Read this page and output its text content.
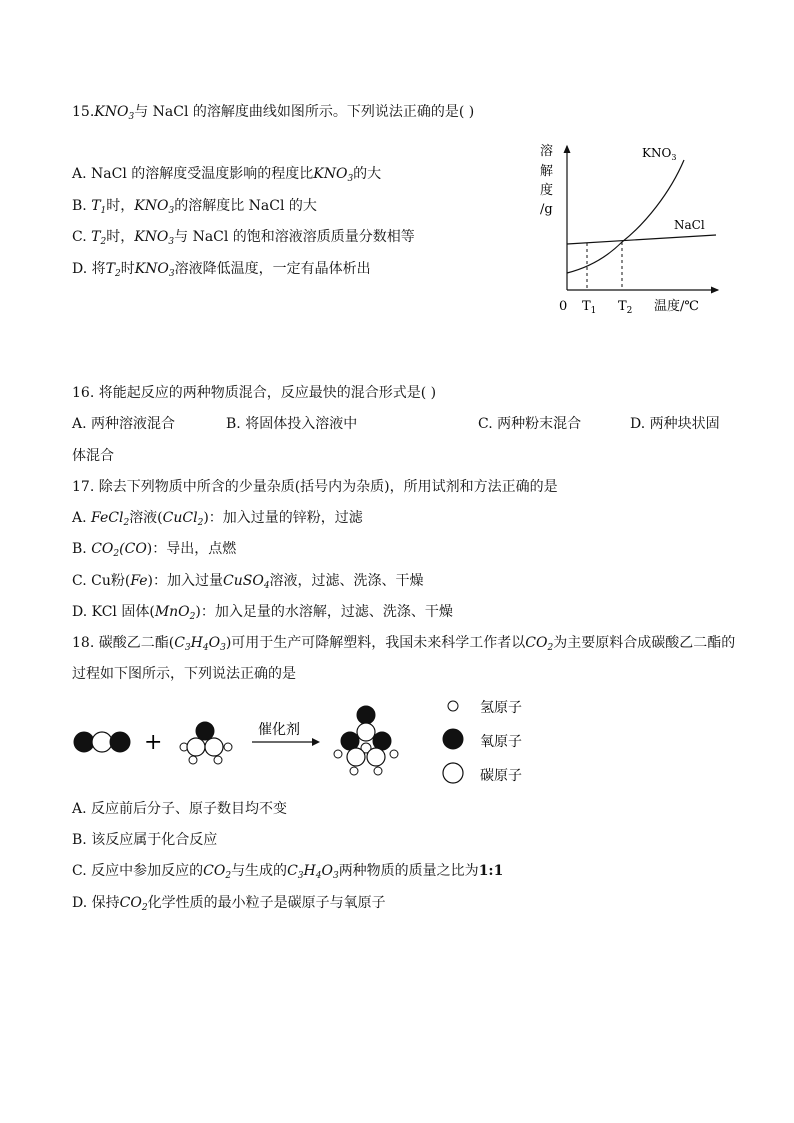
$15.KNO_3$与 NaCl 的溶解度曲线如图所示。下列说法正确的是( )
A. NaCl 的溶解度受温度影响的程度比$KNO_3$的大
B. $T_1$时，$KNO_3$的溶解度比 NaCl 的大
C. $T_2$时，$KNO_3$与 NaCl 的饱和溶液溶质质量分数相等
D. 将$T_2$时$KNO_3$溶液降低温度，一定有晶体析出
溶
解
度
/g
0 $T_1$ $T_2$ 温度/℃
$KNO_3$
NaCl
16. 将能起反应的两种物质混合，反应最快的混合形式是( )
A. 两种溶液混合	B. 将固体投入溶液中	C. 两种粉末混合	D. 两种块状固
体混合
17. 除去下列物质中所含的少量杂质(括号内为杂质)，所用试剂和方法正确的是
A. FeCl$_2$溶液(CuCl$_2$)：加入过量的锌粉，过滤
B. $CO_2(CO)$：导出，点燃
C. Cu粉(Fe)：加入过量CuSO$_4$溶液，过滤、洗涤、干燥
D. KCl 固体(MnO$_2$)：加入足量的水溶解，过滤、洗涤、干燥
18. 碳酸乙二酯$(C_3H_4O_3)$可用于生产可降解塑料，我国未来科学工作者以$CO_2$为主要原料合成碳酸乙二酯的
过程如下图所示，下列说法正确的是
+	催化剂
氢原子
氧原子
碳原子
A. 反应前后分子、原子数目均不变
B. 该反应属于化合反应
C. 反应中参加反应的$CO_2$与生成的$C_3H_4O_3$两种物质的质量之比为1:1
D. 保持$CO_2$化学性质的最小粒子是碳原子与氧原子
